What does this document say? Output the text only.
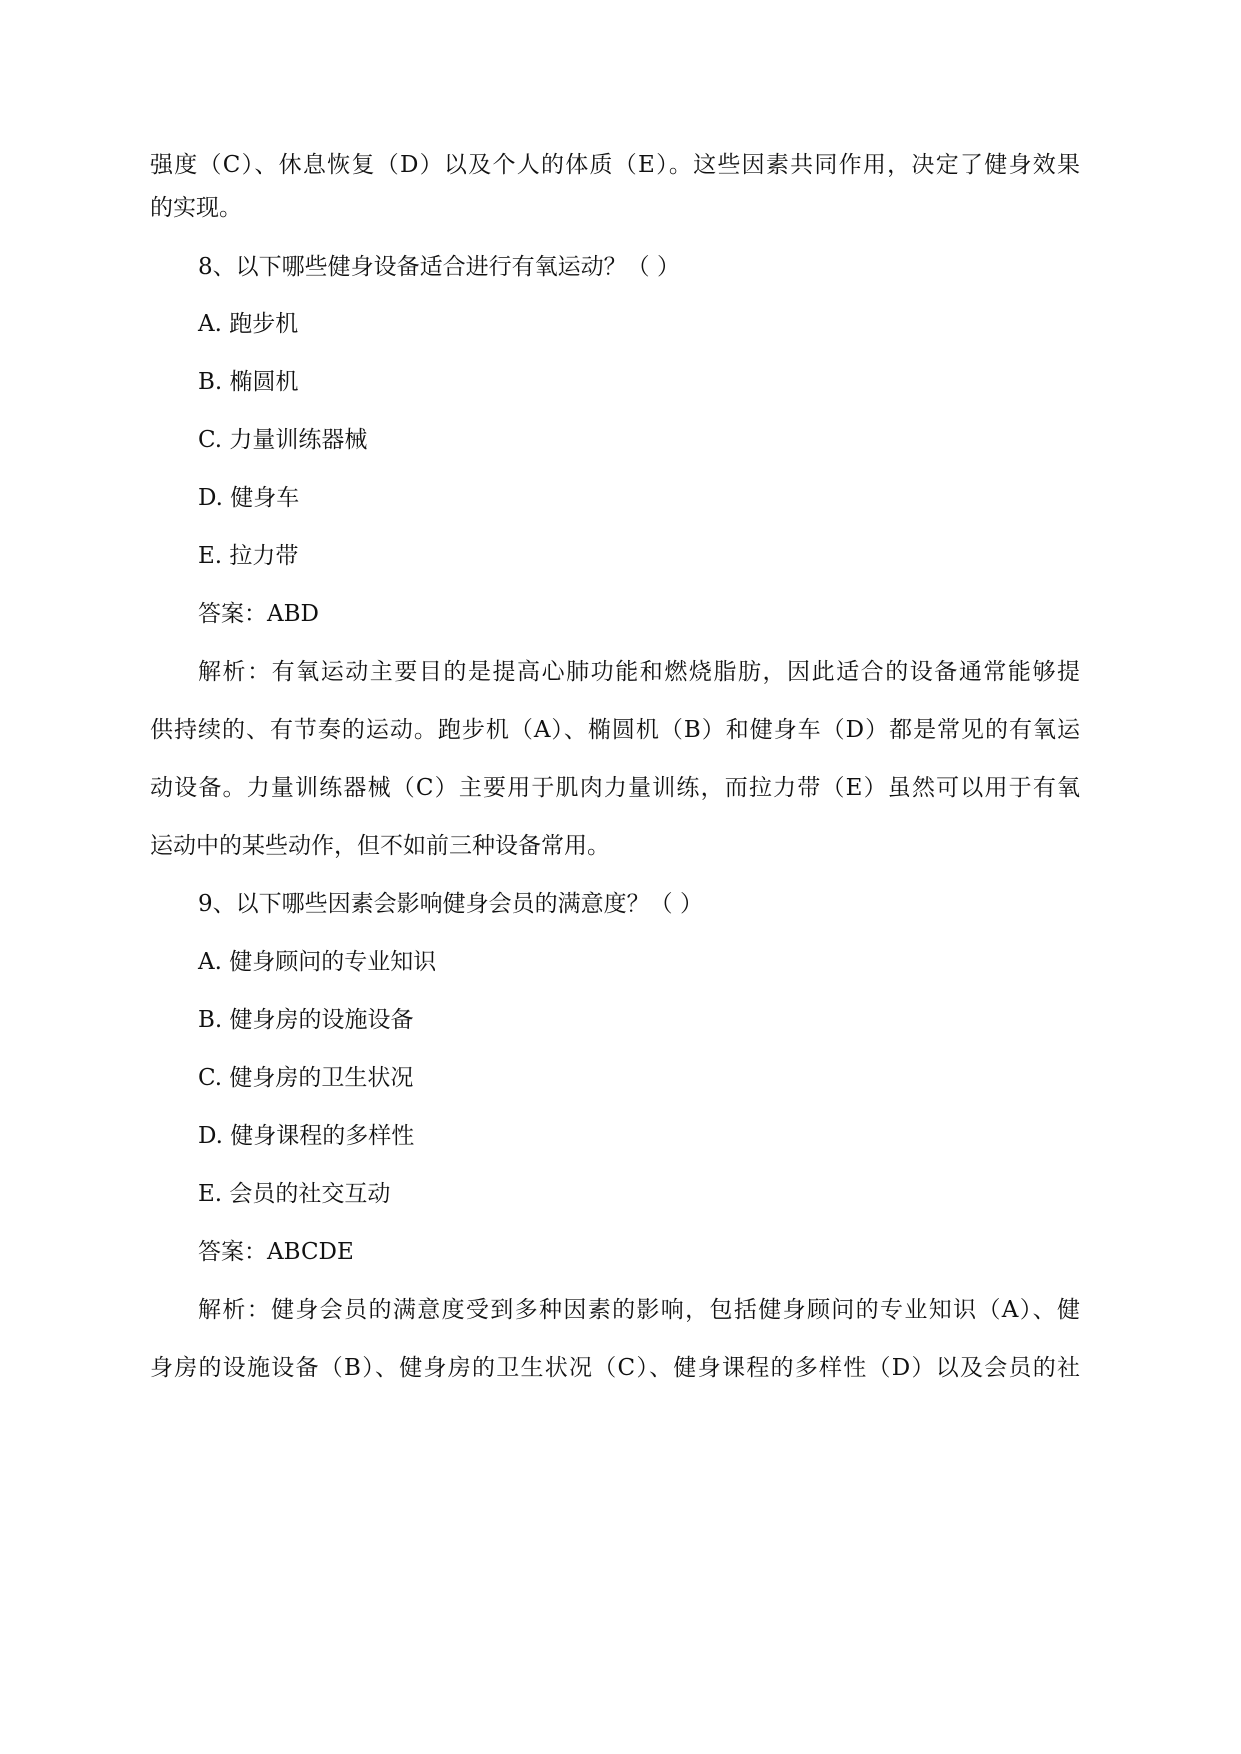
强度（C）、休息恢复（D）以及个人的体质（E）。这些因素共同作用，决定了健身效果
的实现。
8、以下哪些健身设备适合进行有氧运动？（ ）
A. 跑步机
B. 椭圆机
C. 力量训练器械
D. 健身车
E. 拉力带
答案：ABD
解析：有氧运动主要目的是提高心肺功能和燃烧脂肪，因此适合的设备通常能够提
供持续的、有节奏的运动。跑步机（A）、椭圆机（B）和健身车（D）都是常见的有氧运
动设备。力量训练器械（C）主要用于肌肉力量训练，而拉力带（E）虽然可以用于有氧
运动中的某些动作，但不如前三种设备常用。
9、以下哪些因素会影响健身会员的满意度？（ ）
A. 健身顾问的专业知识
B. 健身房的设施设备
C. 健身房的卫生状况
D. 健身课程的多样性
E. 会员的社交互动
答案：ABCDE
解析：健身会员的满意度受到多种因素的影响，包括健身顾问的专业知识（A）、健
身房的设施设备（B）、健身房的卫生状况（C）、健身课程的多样性（D）以及会员的社
